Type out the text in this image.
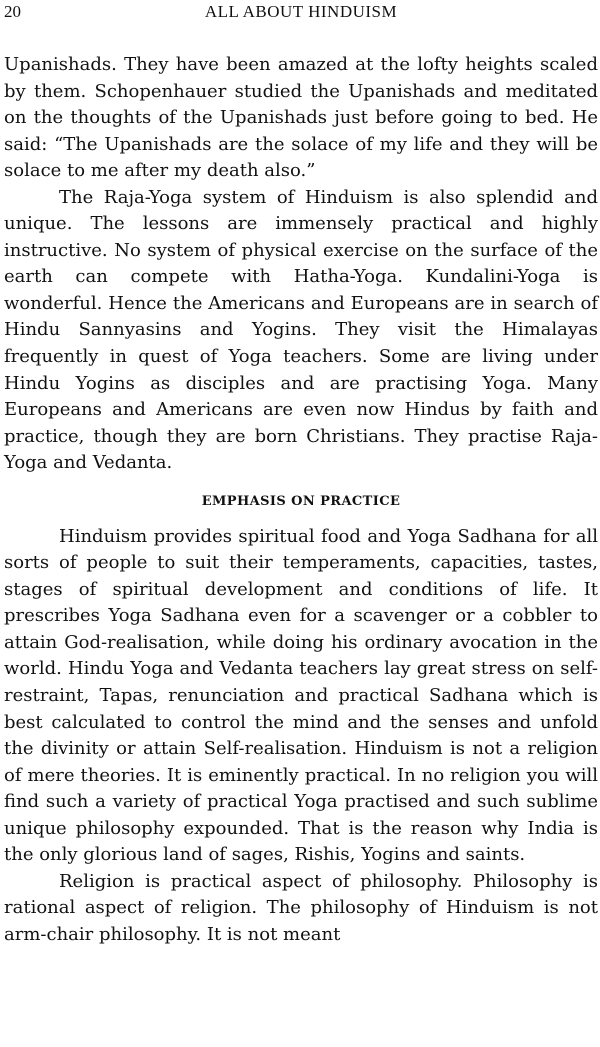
20	ALL ABOUT HINDUISM

Upanishads. They have been amazed at the lofty heights scaled by them. Schopenhauer studied the Upanishads and meditated on the thoughts of the Upanishads just before going to bed. He said: “The Upanishads are the solace of my life and they will be solace to me after my death also.”

The Raja-Yoga system of Hinduism is also splendid and unique. The lessons are immensely practical and highly instructive. No system of physical exercise on the surface of the earth can compete with Hatha-Yoga. Kundalini-Yoga is wonderful. Hence the Americans and Europeans are in search of Hindu Sannyasins and Yogins. They visit the Himalayas frequently in quest of Yoga teachers. Some are living under Hindu Yogins as disciples and are practising Yoga. Many Europeans and Americans are even now Hindus by faith and practice, though they are born Christians. They practise Raja-Yoga and Vedanta.

EMPHASIS ON PRACTICE

Hinduism provides spiritual food and Yoga Sadhana for all sorts of people to suit their temperaments, capacities, tastes, stages of spiritual development and conditions of life. It prescribes Yoga Sadhana even for a scavenger or a cobbler to attain God-realisation, while doing his ordinary avocation in the world. Hindu Yoga and Vedanta teachers lay great stress on self-restraint, Tapas, renunciation and practical Sadhana which is best calculated to control the mind and the senses and unfold the divinity or attain Self-realisation. Hinduism is not a religion of mere theories. It is eminently practical. In no religion you will find such a variety of practical Yoga practised and such sublime unique philosophy expounded. That is the reason why India is the only glorious land of sages, Rishis, Yogins and saints.

Religion is practical aspect of philosophy. Philosophy is rational aspect of religion. The philosophy of Hinduism is not arm-chair philosophy. It is not meant
